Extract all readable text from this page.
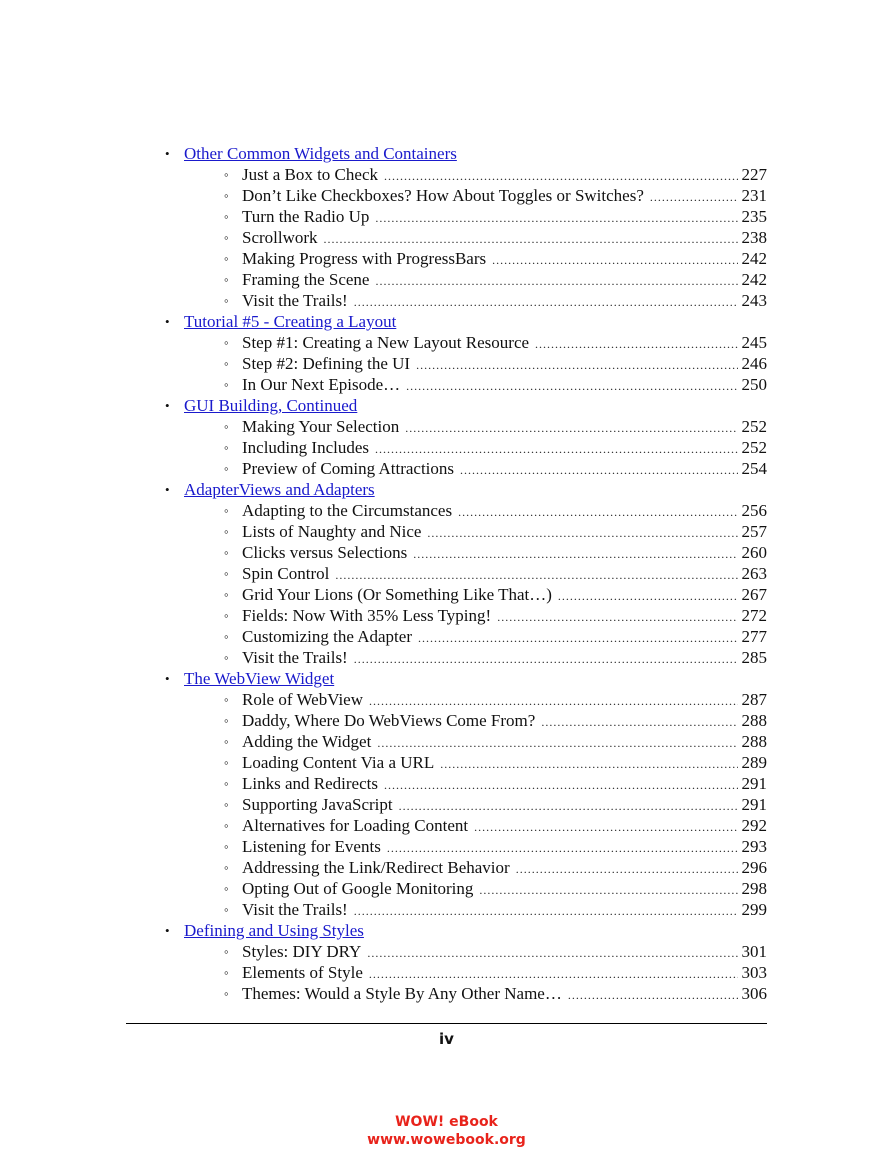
• Other Common Widgets and Containers
◦ Just a Box to Check .....	227
◦ Don’t Like Checkboxes? How About Toggles or Switches? .....	231
◦ Turn the Radio Up .....	235
◦ Scrollwork .....	238
◦ Making Progress with ProgressBars .....	242
◦ Framing the Scene .....	242
◦ Visit the Trails! .....	243
• Tutorial #5 - Creating a Layout
◦ Step #1: Creating a New Layout Resource .....	245
◦ Step #2: Defining the UI .....	246
◦ In Our Next Episode… .....	250
• GUI Building, Continued
◦ Making Your Selection .....	252
◦ Including Includes .....	252
◦ Preview of Coming Attractions .....	254
• AdapterViews and Adapters
◦ Adapting to the Circumstances .....	256
◦ Lists of Naughty and Nice .....	257
◦ Clicks versus Selections .....	260
◦ Spin Control .....	263
◦ Grid Your Lions (Or Something Like That…) .....	267
◦ Fields: Now With 35% Less Typing! .....	272
◦ Customizing the Adapter .....	277
◦ Visit the Trails! .....	285
• The WebView Widget
◦ Role of WebView .....	287
◦ Daddy, Where Do WebViews Come From? .....	288
◦ Adding the Widget .....	288
◦ Loading Content Via a URL .....	289
◦ Links and Redirects .....	291
◦ Supporting JavaScript .....	291
◦ Alternatives for Loading Content .....	292
◦ Listening for Events .....	293
◦ Addressing the Link/Redirect Behavior .....	296
◦ Opting Out of Google Monitoring .....	298
◦ Visit the Trails! .....	299
• Defining and Using Styles
◦ Styles: DIY DRY .....	301
◦ Elements of Style .....	303
◦ Themes: Would a Style By Any Other Name… .....	306
iv
WOW! eBook
www.wowebook.org
